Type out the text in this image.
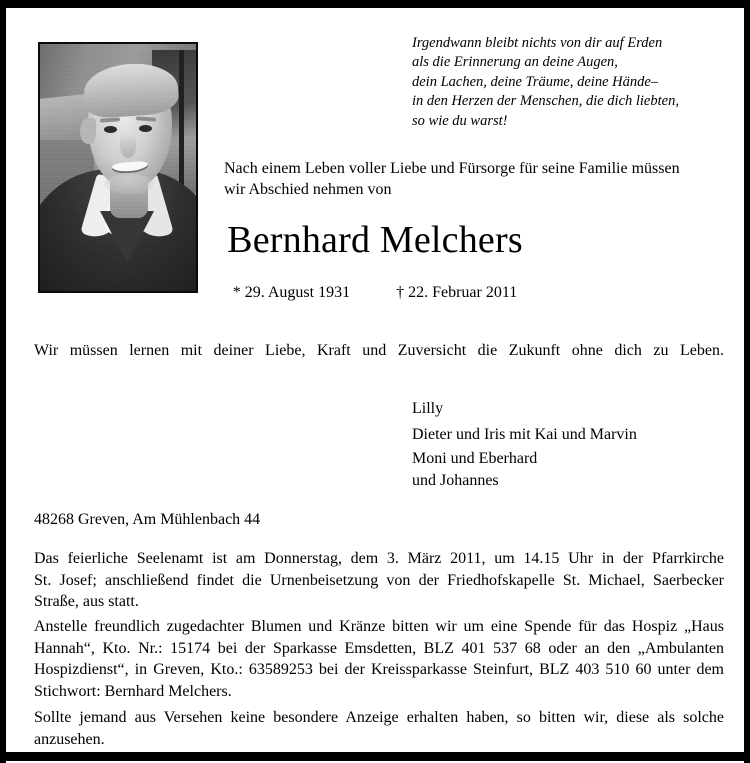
Irgendwann bleibt nichts von dir auf Erden
als die Erinnerung an deine Augen,
dein Lachen, deine Träume, deine Hände–
in den Herzen der Menschen, die dich liebten,
so wie du warst!
Nach einem Leben voller Liebe und Fürsorge für seine Familie müssen
wir Abschied nehmen von
Bernhard Melchers
* 29. August 1931	† 22. Februar 2011
Wir müssen lernen mit deiner Liebe, Kraft und Zuversicht die Zukunft ohne dich zu Leben.
Lilly
Dieter und Iris mit Kai und Marvin
Moni und Eberhard
und Johannes
48268 Greven, Am Mühlenbach 44
Das feierliche Seelenamt ist am Donnerstag, dem 3. März 2011, um 14.15 Uhr in der Pfarrkirche
St. Josef; anschließend findet die Urnenbeisetzung von der Friedhofskapelle St. Michael, Saerbecker
Straße, aus statt.
Anstelle freundlich zugedachter Blumen und Kränze bitten wir um eine Spende für das Hospiz „Haus
Hannah“, Kto. Nr.: 15174 bei der Sparkasse Emsdetten, BLZ 401 537 68 oder an den „Ambulanten
Hospizdienst“, in Greven, Kto.: 63589253 bei der Kreissparkasse Steinfurt, BLZ 403 510 60 unter dem
Stichwort: Bernhard Melchers.
Sollte jemand aus Versehen keine besondere Anzeige erhalten haben, so bitten wir, diese als solche
anzusehen.
